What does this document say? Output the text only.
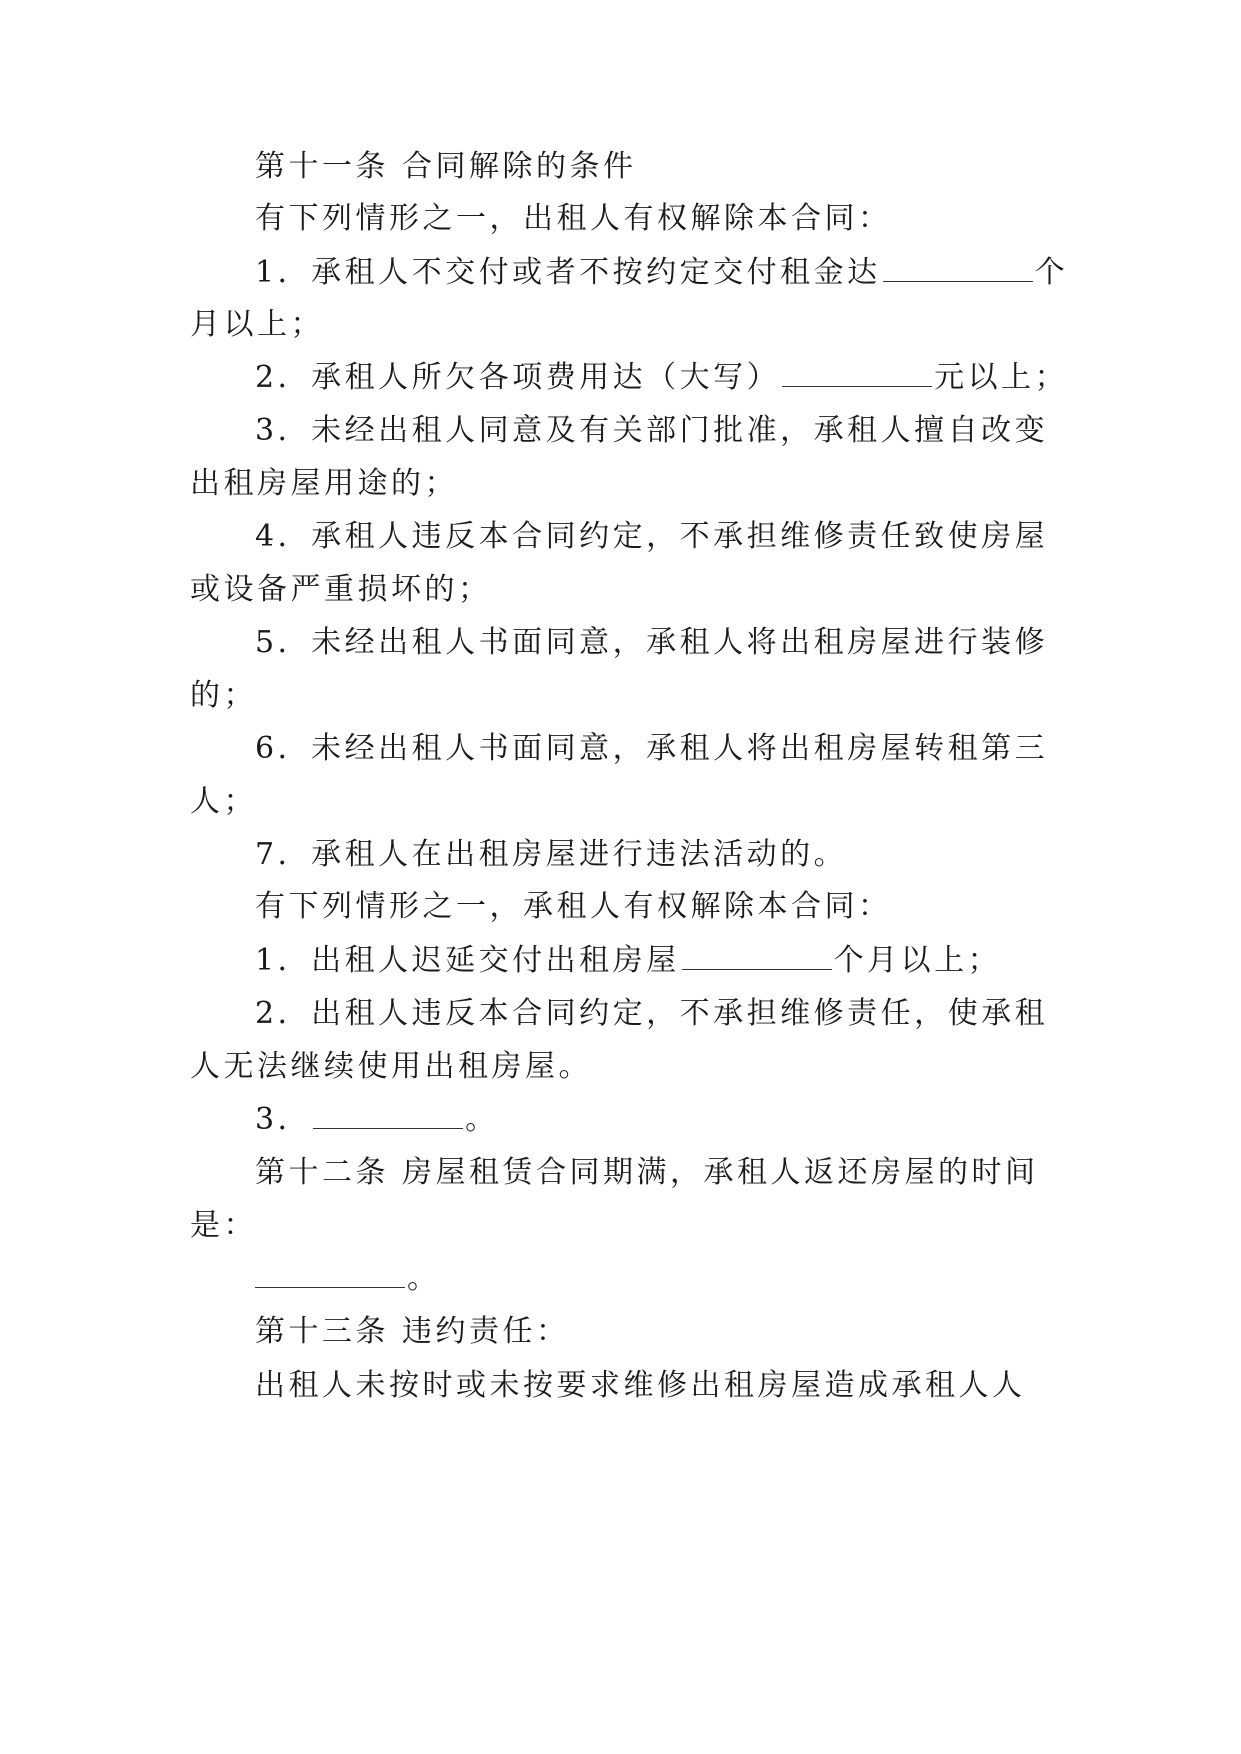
第十一条 合同解除的条件
有下列情形之一，出租人有权解除本合同：
1．承租人不交付或者不按约定交付租金达	个
月以上；
2．承租人所欠各项费用达（大写）	元以上；
3．未经出租人同意及有关部门批准，承租人擅自改变
出租房屋用途的；
4．承租人违反本合同约定，不承担维修责任致使房屋
或设备严重损坏的；
5．未经出租人书面同意，承租人将出租房屋进行装修
的；
6．未经出租人书面同意，承租人将出租房屋转租第三
人；
7．承租人在出租房屋进行违法活动的。
有下列情形之一，承租人有权解除本合同：
1．出租人迟延交付出租房屋	个月以上；
2．出租人违反本合同约定，不承担维修责任，使承租
人无法继续使用出租房屋。
3．	。
第十二条 房屋租赁合同期满，承租人返还房屋的时间
是：
。
第十三条 违约责任：
出租人未按时或未按要求维修出租房屋造成承租人人
